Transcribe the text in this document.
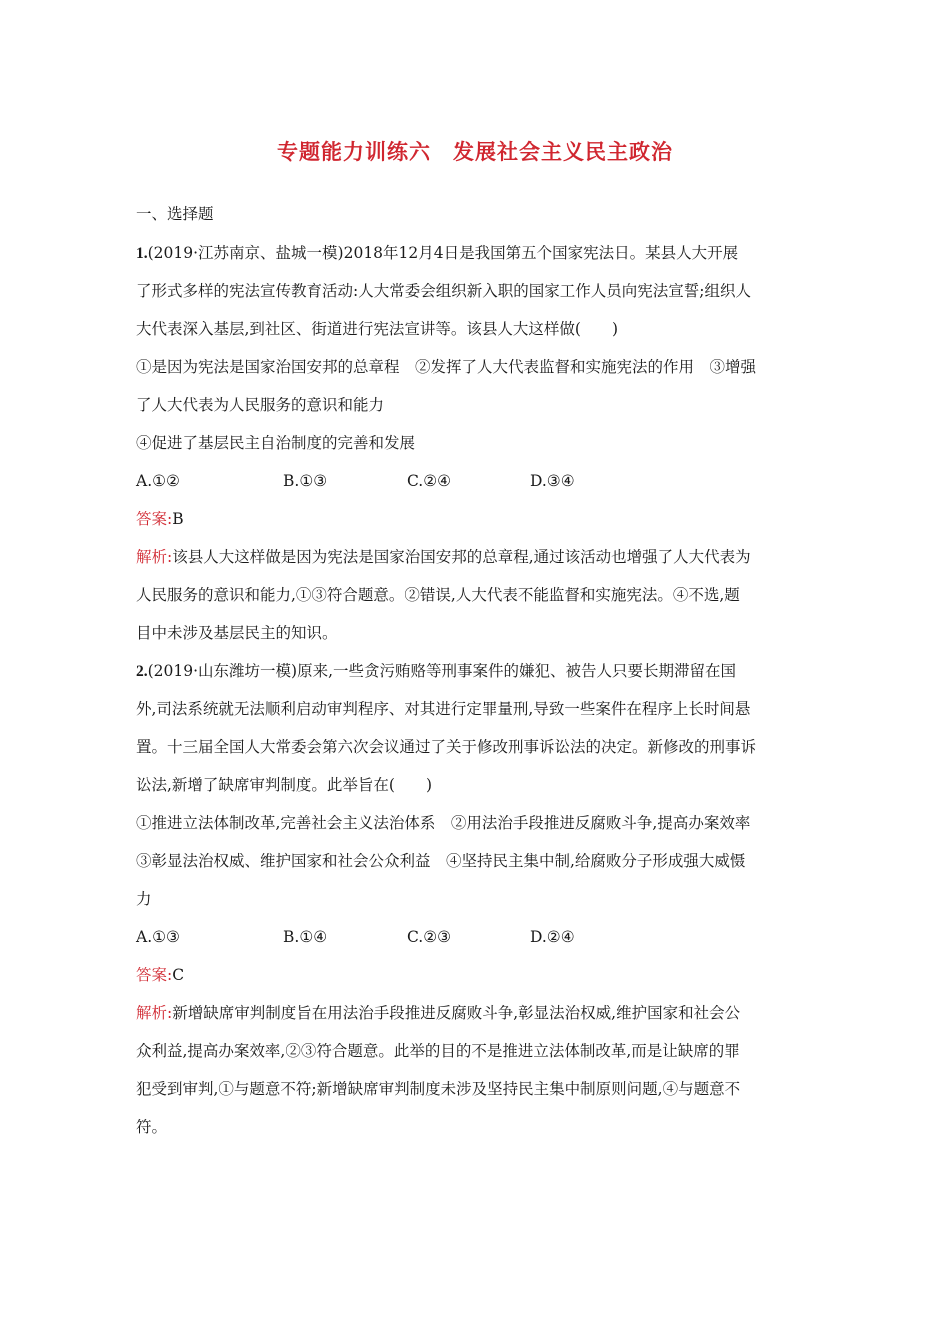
专题能力训练六　发展社会主义民主政治
一、选择题
1.(2019·江苏南京、盐城一模)2018年12月4日是我国第五个国家宪法日。某县人大开展
了形式多样的宪法宣传教育活动:人大常委会组织新入职的国家工作人员向宪法宣誓;组织人
大代表深入基层,到社区、街道进行宪法宣讲等。该县人大这样做(　　)
①是因为宪法是国家治国安邦的总章程　②发挥了人大代表监督和实施宪法的作用　③增强
了人大代表为人民服务的意识和能力
④促进了基层民主自治制度的完善和发展
A.①②	B.①③	C.②④	D.③④
答案:B
解析:该县人大这样做是因为宪法是国家治国安邦的总章程,通过该活动也增强了人大代表为
人民服务的意识和能力,①③符合题意。②错误,人大代表不能监督和实施宪法。④不选,题
目中未涉及基层民主的知识。
2.(2019·山东潍坊一模)原来,一些贪污贿赂等刑事案件的嫌犯、被告人只要长期滞留在国
外,司法系统就无法顺利启动审判程序、对其进行定罪量刑,导致一些案件在程序上长时间悬
置。十三届全国人大常委会第六次会议通过了关于修改刑事诉讼法的决定。新修改的刑事诉
讼法,新增了缺席审判制度。此举旨在(　　)
①推进立法体制改革,完善社会主义法治体系　②用法治手段推进反腐败斗争,提高办案效率
③彰显法治权威、维护国家和社会公众利益　④坚持民主集中制,给腐败分子形成强大威慑
力
A.①③	B.①④	C.②③	D.②④
答案:C
解析:新增缺席审判制度旨在用法治手段推进反腐败斗争,彰显法治权威,维护国家和社会公
众利益,提高办案效率,②③符合题意。此举的目的不是推进立法体制改革,而是让缺席的罪
犯受到审判,①与题意不符;新增缺席审判制度未涉及坚持民主集中制原则问题,④与题意不
符。
